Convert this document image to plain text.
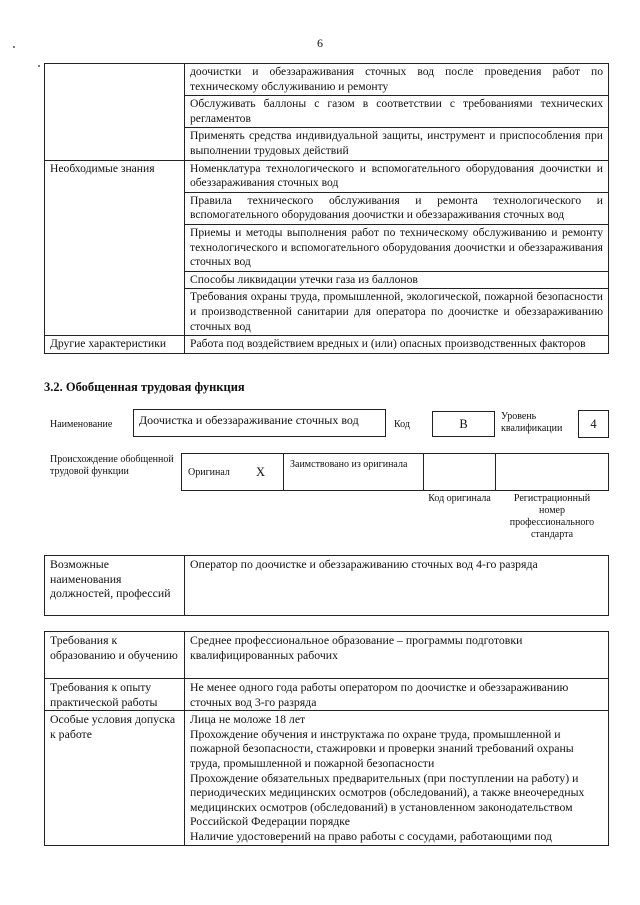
6
	доочистки и обеззараживания сточных вод после проведения работ по техническому обслуживанию и ремонту
	Обслуживать баллоны с газом в соответствии с требованиями технических регламентов
	Применять средства индивидуальной защиты, инструмент и приспособления при выполнении трудовых действий
Необходимые знания	Номенклатура технологического и вспомогательного оборудования доочистки и обеззараживания сточных вод
	Правила технического обслуживания и ремонта технологического и вспомогательного оборудования доочистки и обеззараживания сточных вод
	Приемы и методы выполнения работ по техническому обслуживанию и ремонту технологического и вспомогательного оборудования доочистки и обеззараживания сточных вод
	Способы ликвидации утечки газа из баллонов
	Требования охраны труда, промышленной, экологической, пожарной безопасности и производственной санитарии для оператора по доочистке и обеззараживанию сточных вод
Другие характеристики	Работа под воздействием вредных и (или) опасных производственных факторов
3.2. Обобщенная трудовая функция
Наименование	Доочистка и обеззараживание сточных вод	Код	B
Уровень квалификации	4
Происхождение обобщенной трудовой функции	Оригинал X
Заимствовано из оригинала
Код оригинала	Регистрационный номер профессионального стандарта
Возможные наименования должностей, профессий	Оператор по доочистке и обеззараживанию сточных вод 4-го разряда
Требования к образованию и обучению	Среднее профессиональное образование – программы подготовки квалифицированных рабочих
Требования к опыту практической работы	Не менее одного года работы оператором по доочистке и обеззараживанию сточных вод 3-го разряда
Особые условия допуска к работе	Лица не моложе 18 лет
Прохождение обучения и инструктажа по охране труда, промышленной и пожарной безопасности, стажировки и проверки знаний требований охраны труда, промышленной и пожарной безопасности
Прохождение обязательных предварительных (при поступлении на работу) и периодических медицинских осмотров (обследований), а также внеочередных медицинских осмотров (обследований) в установленном законодательством Российской Федерации порядке
Наличие удостоверений на право работы с сосудами, работающими под
